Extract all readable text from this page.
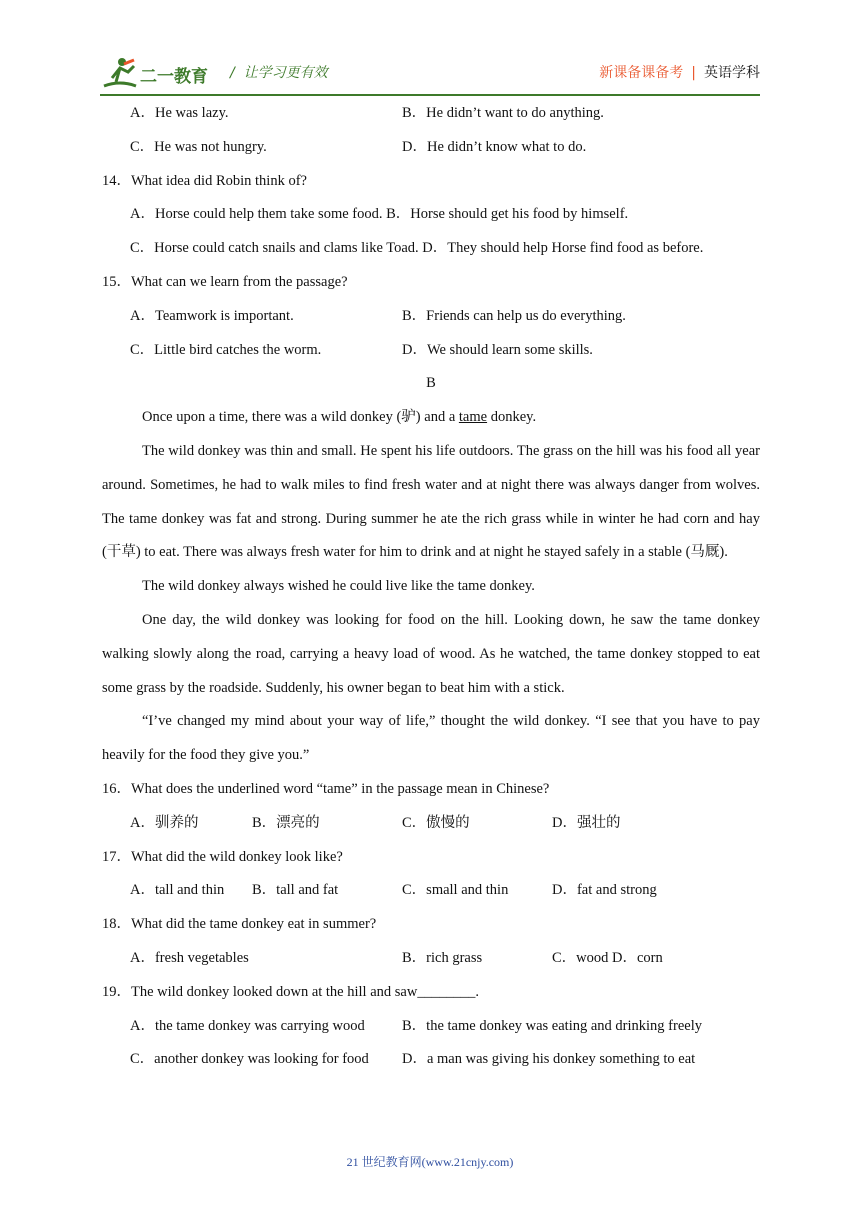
二一教育 /  让学习更有效	新课备课备考 | 英语学科
A．He was lazy.	B．He didn’t want to do anything.
C．He was not hungry.	D．He didn’t know what to do.
14．What idea did Robin think of?
A．Horse could help them take some food. B．Horse should get his food by himself.
C．Horse could catch snails and clams like Toad. D．They should help Horse find food as before.
15．What can we learn from the passage?
A．Teamwork is important.	B．Friends can help us do everything.
C．Little bird catches the worm.	D．We should learn some skills.
B
Once upon a time, there was a wild donkey (驴) and a tame donkey.

The wild donkey was thin and small. He spent his life outdoors. The grass on the hill was his food all year around. Sometimes, he had to walk miles to find fresh water and at night there was always danger from wolves. The tame donkey was fat and strong. During summer he ate the rich grass while in winter he had corn and hay (干草) to eat. There was always fresh water for him to drink and at night he stayed safely in a stable (马厩).

The wild donkey always wished he could live like the tame donkey.

One day, the wild donkey was looking for food on the hill. Looking down, he saw the tame donkey walking slowly along the road, carrying a heavy load of wood. As he watched, the tame donkey stopped to eat some grass by the roadside. Suddenly, his owner began to beat him with a stick.

“I’ve changed my mind about your way of life,” thought the wild donkey. “I see that you have to pay heavily for the food they give you.”

16．What does the underlined word “tame” in the passage mean in Chinese?
A．驯养的	B．漂亮的	C．傲慢的	D．强壮的
17．What did the wild donkey look like?
A．tall and thin B．tall and fat	C．small and thin	D．fat and strong
18．What did the tame donkey eat in summer?
A．fresh vegetables	B．rich grass	C．wood D．corn
19．The wild donkey looked down at the hill and saw________.
A．the tame donkey was carrying wood	B．the tame donkey was eating and drinking freely
C．another donkey was looking for food D．a man was giving his donkey something to eat
21 世纪教育网(www.21cnjy.com)
